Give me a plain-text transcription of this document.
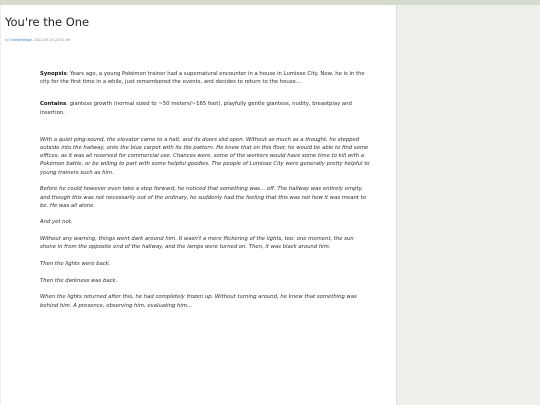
You're the One
by GrowthMage, 2022-05-15 22:52:39

Synopsis: Years ago, a young Pokémon trainer had a supernatural encounter in a house in Lumiose City. Now, he is in the city for the first time in a while, just remembered the events, and decides to return to the house…

Contains: giantess growth (normal sized to ~50 meters/~165 feet), playfully gentle giantess, nudity, breastplay and insertion.

With a quiet ping-sound, the elevator came to a halt, and its doors slid open. Without as much as a thought, he stepped outside into the hallway, onto the blue carpet with its tile pattern. He knew that on this floor, he would be able to find some offices, as it was all reserved for commercial use. Chances were, some of the workers would have some time to kill with a Pokémon battle, or be willing to part with some helpful goodies. The people of Lumiose City were generally pretty helpful to young trainers such as him.

Before he could however even take a step forward, he noticed that something was… off. The hallway was entirely empty, and though this was not necessarily out of the ordinary, he suddenly had the feeling that this was not how it was meant to be. He was all alone.

And yet not.

Without any warning, things went dark around him. It wasn't a mere flickering of the lights, too: one moment, the sun shone in from the opposite end of the hallway, and the lamps were turned on. Then, it was black around him.

Then the lights were back.

Then the darkness was back.

When the lights returned after this, he had completely frozen up. Without turning around, he knew that something was behind him. A presence, observing him, evaluating him…
